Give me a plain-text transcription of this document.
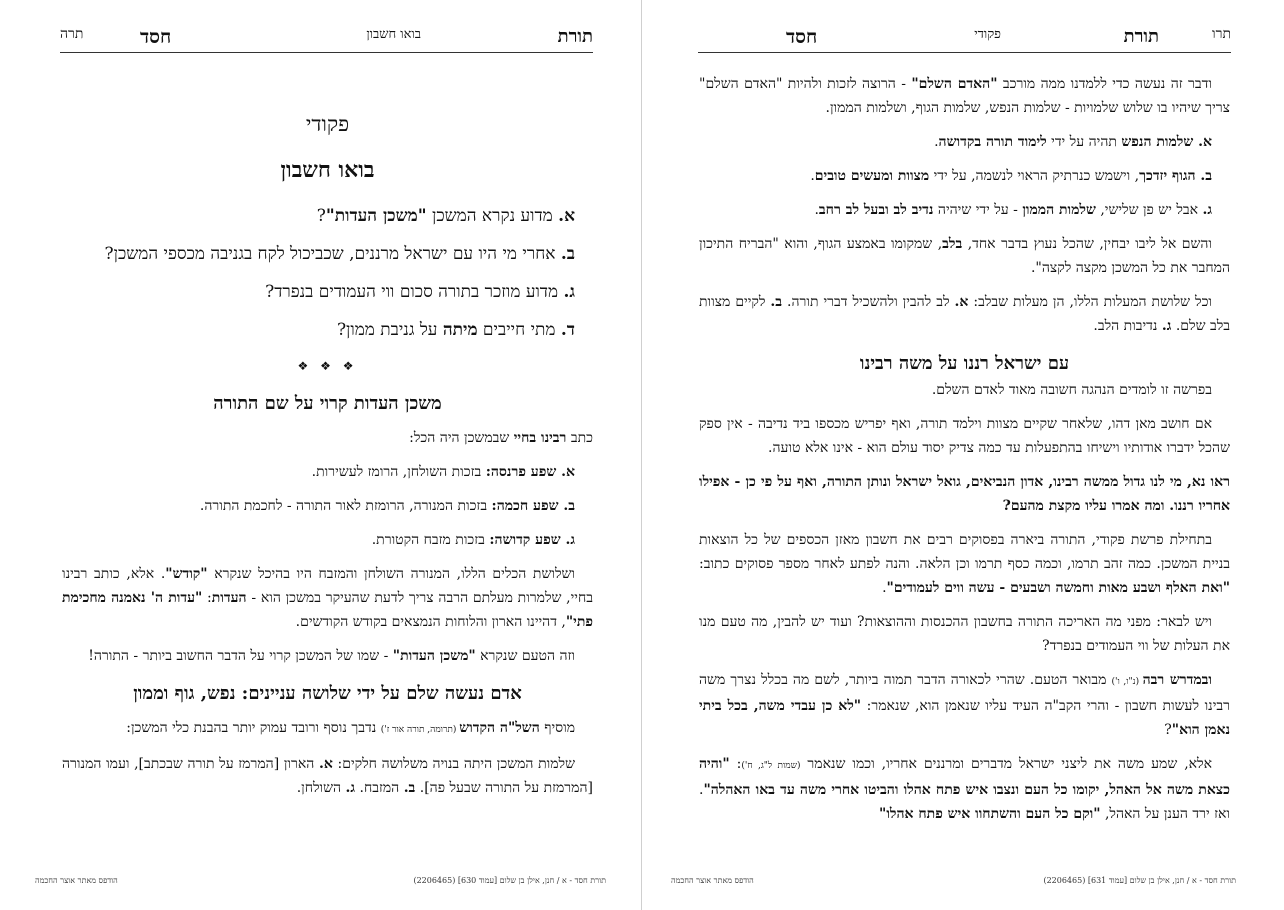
תורת
בואו חשבון
חסד
תרה
פקודי
בואו חשבון

א. מדוע נקרא המשכן "משכן העדות"?

ב. אחרי מי היו עם ישראל מרננים, שכביכול לקח בגניבה מכספי המשכן?

ג. מדוע מוזכר בתורה סכום ווי העמודים בנפרד?

ד. מתי חייבים מיתה על גניבת ממון?

❖ ❖ ❖
משכן העדות קרוי על שם התורה

כתב רבינו בחיי שבמשכן היה הכל:

א. שפע פרנסה: בזכות השולחן, הרומז לעשירות.

ב. שפע חכמה: בזכות המנורה, הרומזת לאור התורה - לחכמת התורה.

ג. שפע קדושה: בזכות מזבח הקטורת.

ושלושת הכלים הללו, המנורה השולחן והמזבח היו בהיכל שנקרא "קודש". אלא, כותב רבינו בחיי, שלמרות מעלתם הרבה צריך לדעת שהעיקר במשכן הוא - העדות: "עדות ה' נאמנה מחכימת פתי", דהיינו הארון והלוחות הנמצאים בקודש הקודשים.

וזה הטעם שנקרא "משכן העדות" - שמו של המשכן קרוי על הדבר החשוב ביותר - התורה!

אדם נעשה שלם על ידי שלושה עניינים: נפש, גוף וממון

מוסיף השל"ה הקדוש (תרומה, תורה אור ז') נדבך נוסף ורובד עמוק יותר בהבנת כלי המשכן:

שלמות המשכן היתה בנויה משלושה חלקים: א. הארון [המרמז על תורה שבכתב], ועמו המנורה [המרמזת על התורה שבעל פה]. ב. המזבח. ג. השולחן.

תורת חסד - א / חנן, אילן בן שלום [עמוד 630] (2206465)
הודפס מאתר אוצר החכמה
תרו
תורת
פקודי
חסד

ודבר זה נעשה כדי ללמדנו ממה מורכב "האדם השלם" - הרוצה לזכות ולהיות "האדם השלם" צריך שיהיו בו שלוש שלמויות - שלמות הנפש, שלמות הגוף, ושלמות הממון.

א. שלמות הנפש תהיה על ידי לימוד תורה בקדושה.

ב. הגוף יזדכך, וישמש כנרתיק הראוי לנשמה, על ידי מצוות ומעשים טובים.

ג. אבל יש פן שלישי, שלמות הממון - על ידי שיהיה נדיב לב ובעל לב רחב.

והשם אל ליבו יבחין, שהכל נעוץ בדבר אחד, בלב, שמקומו באמצע הגוף, והוא "הבריח התיכון המחבר את כל המשכן מקצה לקצה".

וכל שלושת המעלות הללו, הן מעלות שבלב: א. לב להבין ולהשכיל דברי תורה. ב. לקיים מצוות בלב שלם. ג. נדיבות הלב.

עם ישראל רננו על משה רבינו

בפרשה זו לומדים הנהגה חשובה מאוד לאדם השלם.

אם חושב מאן דהו, שלאחר שקיים מצוות וילמד תורה, ואף יפריש מכספו ביד נדיבה - אין ספק שהכל ידברו אודותיו וישיחו בהתפעלות עד כמה צדיק יסוד עולם הוא - אינו אלא טועה.

ראו נא, מי לנו גדול ממשה רבינו, אדון הנביאים, גואל ישראל ונותן התורה, ואף על פי כן - אפילו אחריו רננו. ומה אמרו עליו מקצת מהעם?

בתחילת פרשת פקודי, התורה ביארה בפסוקים רבים את חשבון מאזן הכספים של כל הוצאות בניית המשכן. כמה זהב תרמו, וכמה כסף תרמו וכן הלאה. והנה לפתע לאחר מספר פסוקים כתוב: "ואת האלף ושבע מאות וחמשה ושבעים - עשה ווים לעמודים".

ויש לבאר: מפני מה האריכה התורה בחשבון ההכנסות וההוצאות? ועוד יש להבין, מה טעם מנו את העלות של ווי העמודים בנפרד?

ובמדרש רבה (נ"ו, ו') מבואר הטעם. שהרי לכאורה הדבר תמוה ביותר, לשם מה בכלל נצרך משה רבינו לעשות חשבון - והרי הקב"ה העיד עליו שנאמן הוא, שנאמר: "לא כן עבדי משה, בכל ביתי נאמן הוא"?

אלא, שמע משה את ליצני ישראל מדברים ומרננים אחריו, וכמו שנאמר (שמות ל"ג, ח'): "והיה כצאת משה אל האהל, יקומו כל העם ונצבו איש פתח אהלו והביטו אחרי משה עד באו האהלה". ואז ירד הענן על האהל, "וקם כל העם והשתחוו איש פתח אהלו"

תורת חסד - א / חנן, אילן בן שלום [עמוד 631] (2206465)
הודפס מאתר אוצר החכמה
